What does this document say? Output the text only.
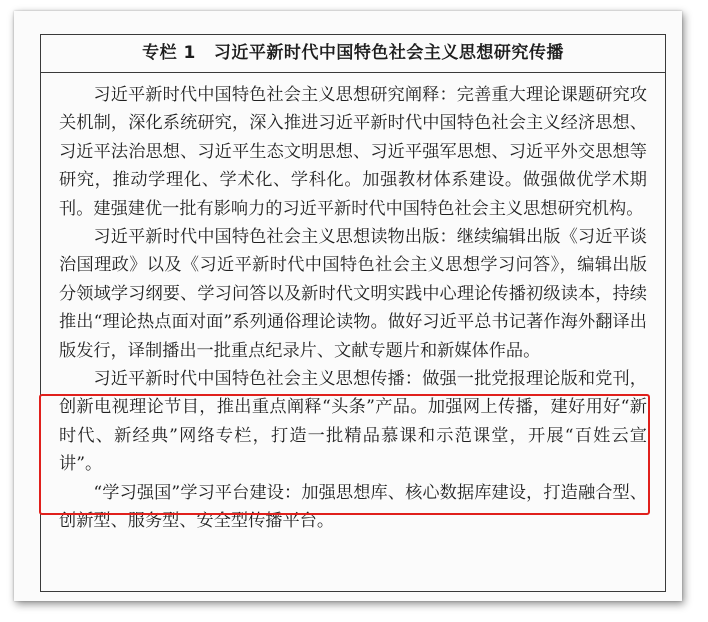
专栏 1 习近平新时代中国特色社会主义思想研究传播

习近平新时代中国特色社会主义思想研究阐释：完善重大理论课题研究攻关机制，深化系统研究，深入推进习近平新时代中国特色社会主义经济思想、习近平法治思想、习近平生态文明思想、习近平强军思想、习近平外交思想等研究，推动学理化、学术化、学科化。加强教材体系建设。做强做优学术期刊。建强建优一批有影响力的习近平新时代中国特色社会主义思想研究机构。

习近平新时代中国特色社会主义思想读物出版：继续编辑出版《习近平谈治国理政》以及《习近平新时代中国特色社会主义思想学习问答》，编辑出版分领域学习纲要、学习问答以及新时代文明实践中心理论传播初级读本，持续推出“理论热点面对面”系列通俗理论读物。做好习近平总书记著作海外翻译出版发行，译制播出一批重点纪录片、文献专题片和新媒体作品。

习近平新时代中国特色社会主义思想传播：做强一批党报理论版和党刊，创新电视理论节目，推出重点阐释“头条”产品。加强网上传播，建好用好“新时代、新经典”网络专栏，打造一批精品慕课和示范课堂，开展“百姓云宣讲”。

“学习强国”学习平台建设：加强思想库、核心数据库建设，打造融合型、创新型、服务型、安全型传播平台。
